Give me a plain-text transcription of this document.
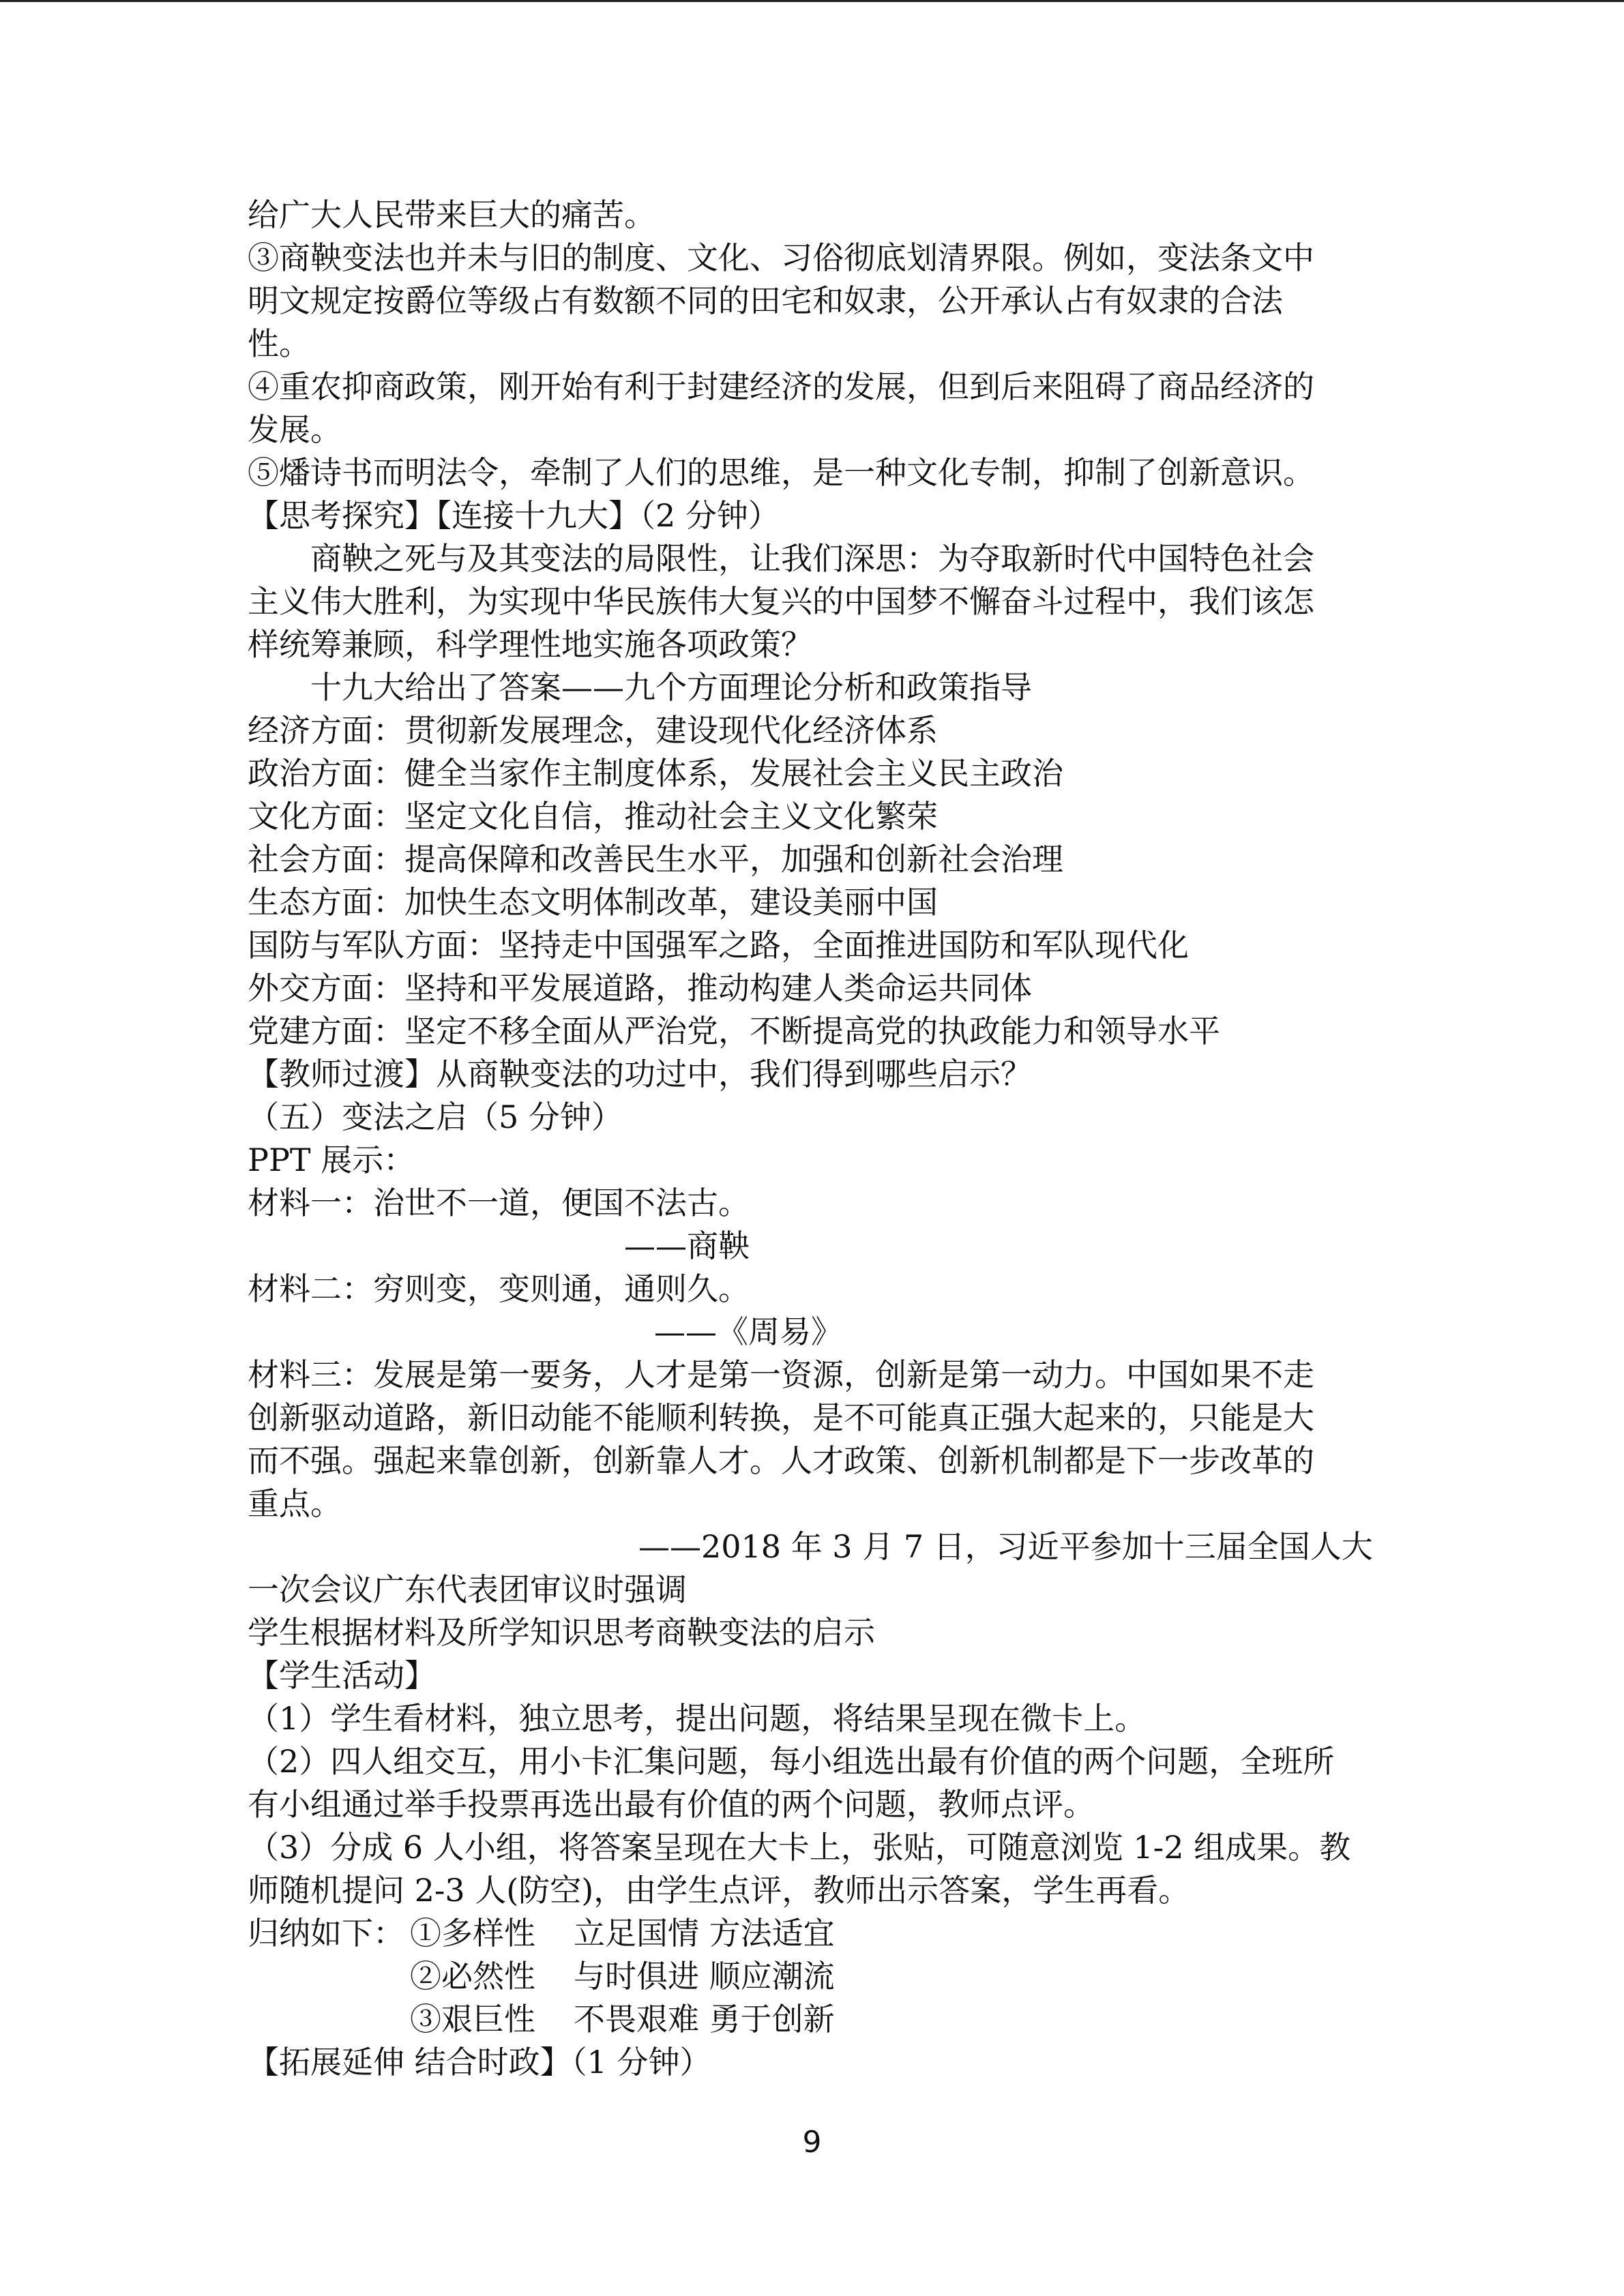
给广大人民带来巨大的痛苦。
③商鞅变法也并未与旧的制度、文化、习俗彻底划清界限。例如，变法条文中
明文规定按爵位等级占有数额不同的田宅和奴隶，公开承认占有奴隶的合法
性。
④重农抑商政策，刚开始有利于封建经济的发展，但到后来阻碍了商品经济的
发展。
⑤燔诗书而明法令，牵制了人们的思维，是一种文化专制，抑制了创新意识。
【思考探究】【连接十九大】（2 分钟）
商鞅之死与及其变法的局限性，让我们深思：为夺取新时代中国特色社会
主义伟大胜利，为实现中华民族伟大复兴的中国梦不懈奋斗过程中，我们该怎
样统筹兼顾，科学理性地实施各项政策？
十九大给出了答案——九个方面理论分析和政策指导
经济方面：贯彻新发展理念，建设现代化经济体系
政治方面：健全当家作主制度体系，发展社会主义民主政治
文化方面：坚定文化自信，推动社会主义文化繁荣
社会方面：提高保障和改善民生水平，加强和创新社会治理
生态方面：加快生态文明体制改革，建设美丽中国
国防与军队方面：坚持走中国强军之路，全面推进国防和军队现代化
外交方面：坚持和平发展道路，推动构建人类命运共同体
党建方面：坚定不移全面从严治党，不断提高党的执政能力和领导水平
【教师过渡】从商鞅变法的功过中，我们得到哪些启示？
（五）变法之启（5 分钟）
PPT 展示：
材料一：治世不一道，便国不法古。
——商鞅
材料二：穷则变，变则通，通则久。
——《周易》
材料三：发展是第一要务，人才是第一资源，创新是第一动力。中国如果不走
创新驱动道路，新旧动能不能顺利转换，是不可能真正强大起来的，只能是大
而不强。强起来靠创新，创新靠人才。人才政策、创新机制都是下一步改革的
重点。
——2018 年 3 月 7 日，习近平参加十三届全国人大
一次会议广东代表团审议时强调
学生根据材料及所学知识思考商鞅变法的启示
【学生活动】
（1）学生看材料，独立思考，提出问题，将结果呈现在微卡上。
（2）四人组交互，用小卡汇集问题，每小组选出最有价值的两个问题，全班所
有小组通过举手投票再选出最有价值的两个问题，教师点评。
（3）分成 6 人小组，将答案呈现在大卡上，张贴，可随意浏览 1-2 组成果。教
师随机提问 2-3 人(防空)，由学生点评，教师出示答案，学生再看。
归纳如下： ①多样性 立足国情 方法适宜
②必然性 与时俱进 顺应潮流
③艰巨性 不畏艰难 勇于创新
【拓展延伸 结合时政】（1 分钟）
9
